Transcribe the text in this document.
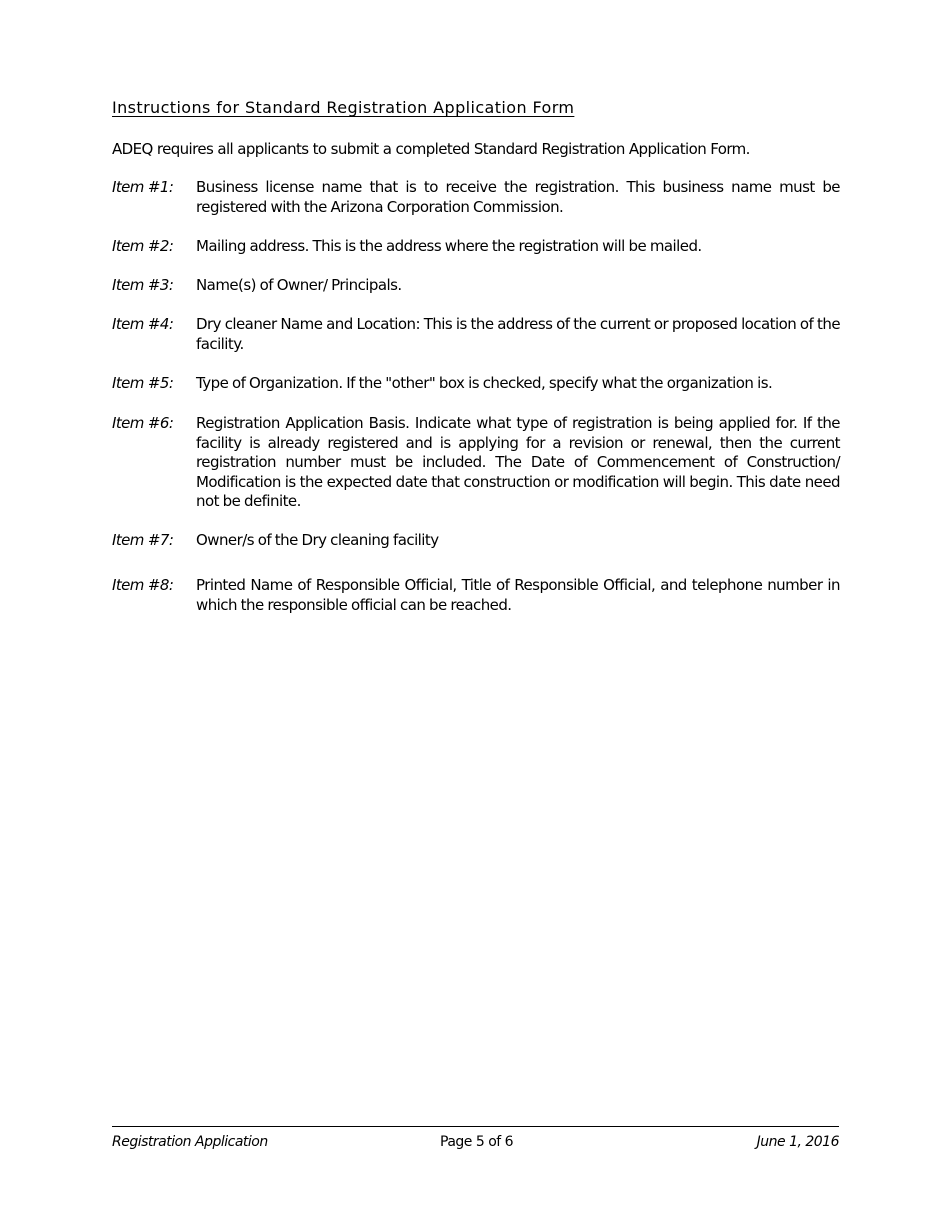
Instructions for Standard Registration Application Form
ADEQ requires all applicants to submit a completed Standard Registration Application Form.
Item #1: Business license name that is to receive the registration. This business name must be registered with the Arizona Corporation Commission.
Item #2: Mailing address. This is the address where the registration will be mailed.
Item #3: Name(s) of Owner/ Principals.
Item #4: Dry cleaner Name and Location: This is the address of the current or proposed location of the facility.
Item #5: Type of Organization. If the "other" box is checked, specify what the organization is.
Item #6: Registration Application Basis. Indicate what type of registration is being applied for. If the facility is already registered and is applying for a revision or renewal, then the current registration number must be included. The Date of Commencement of Construction/ Modification is the expected date that construction or modification will begin. This date need not be definite.
Item #7: Owner/s of the Dry cleaning facility
Item #8: Printed Name of Responsible Official, Title of Responsible Official, and telephone number in which the responsible official can be reached.
Registration Application	Page 5 of 6	June 1, 2016
